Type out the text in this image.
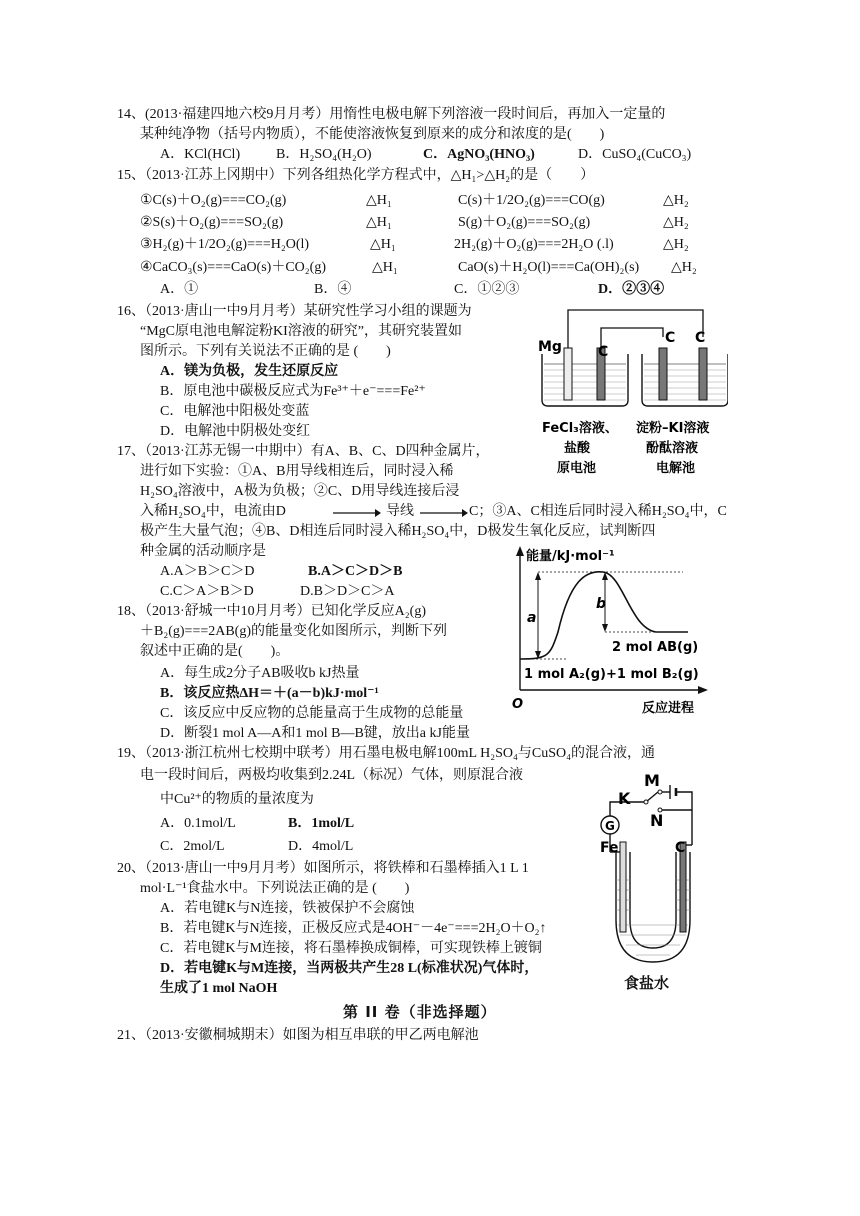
14、(2013·福建四地六校9月月考）用惰性电极电解下列溶液一段时间后，再加入一定量的
某种纯净物（括号内物质），不能使溶液恢复到原来的成分和浓度的是(　　)
A．KCl(HCl)	B．H₂SO₄(H₂O)	C．AgNO₃(HNO₃)	D．CuSO₄(CuCO₃)
15、（2013·江苏上冈期中）下列各组热化学方程式中，△H₁>△H₂的是（　　）
①C(s)＋O₂(g)===CO₂(g)	△H₁	C(s)＋1/2O₂(g)===CO(g)	△H₂
②S(s)＋O₂(g)===SO₂(g)	△H₁	S(g)＋O₂(g)===SO₂(g)	△H₂
③H₂(g)＋1/2O₂(g)===H₂O(l)	△H₁	2H₂(g)＋O₂(g)===2H₂O (.l)	△H₂
④CaCO₃(s)===CaO(s)＋CO₂(g)	△H₁	CaO(s)＋H₂O(l)===Ca(OH)₂(s) △H₂
A．①	B．④	C．①②③	D．②③④
16、（2013·唐山一中9月月考）某研究性学习小组的课题为
“MgC原电池电解淀粉KI溶液的研究”，其研究装置如
图所示。下列有关说法不正确的是 (　　)
A．镁为负极，发生还原反应
B．原电池中碳极反应式为Fe³⁺＋e⁻===Fe²⁺
C．电解池中阳极处变蓝
D．电解池中阴极处变红
Mg	C
C C
FeCl₃溶液、
盐酸
原电池
淀粉–KI溶液
酚酞溶液
电解池
17、（2013·江苏无锡一中期中）有A、B、C、D四种金属片，
进行如下实验：①A、B用导线相连后，同时浸入稀
H₂SO₄溶液中，A极为负极；②C、D用导线连接后浸
入稀H₂SO₄中，电流由D	导线	C；③A、C相连后同时浸入稀H₂SO₄中，C
极产生大量气泡；④B、D相连后同时浸入稀H₂SO₄中，D极发生氧化反应，试判断四
种金属的活动顺序是
A.A＞B＞C＞D	B.A＞C＞D＞B
C.C＞A＞B＞D	D.B＞D＞C＞A
18、（2013·舒城一中10月月考）已知化学反应A₂(g)
＋B₂(g)===2AB(g)的能量变化如图所示，判断下列
叙述中正确的是(　　)。
A．每生成2分子AB吸收b kJ热量
B．该反应热ΔH＝＋(a－b)kJ·mol⁻¹
C．该反应中反应物的总能量高于生成物的总能量
D．断裂1 mol A—A和1 mol B—B键，放出a kJ能量
能量/kJ·mol⁻¹
反应进程
O
a
b
2 mol AB(g)
1 mol A₂(g)+1 mol B₂(g)
19、（2013·浙江杭州七校期中联考）用石墨电极电解100mL H₂SO₄与CuSO₄的混合液，通
电一段时间后，两极均收集到2.24L（标况）气体，则原混合液
中Cu²⁺的物质的量浓度为
A．0.1mol/L	B．1mol/L
C．2mol/L	D．4mol/L
20、（2013·唐山一中9月月考）如图所示，将铁棒和石墨棒插入1 L 1
mol·L⁻¹食盐水中。下列说法正确的是 (　　)
A．若电键K与N连接，铁被保护不会腐蚀
B．若电键K与N连接，正极反应式是4OH⁻－4e⁻===2H₂O＋O₂↑
C．若电键K与M连接，将石墨棒换成铜棒，可实现铁棒上镀铜
D．若电键K与M连接，当两极共产生28 L(标准状况)气体时，
生成了1 mol NaOH
G
M
K
N
Fe	C
食盐水
第 II 卷（非选择题）
21、（2013·安徽桐城期末）如图为相互串联的甲乙两电解池
